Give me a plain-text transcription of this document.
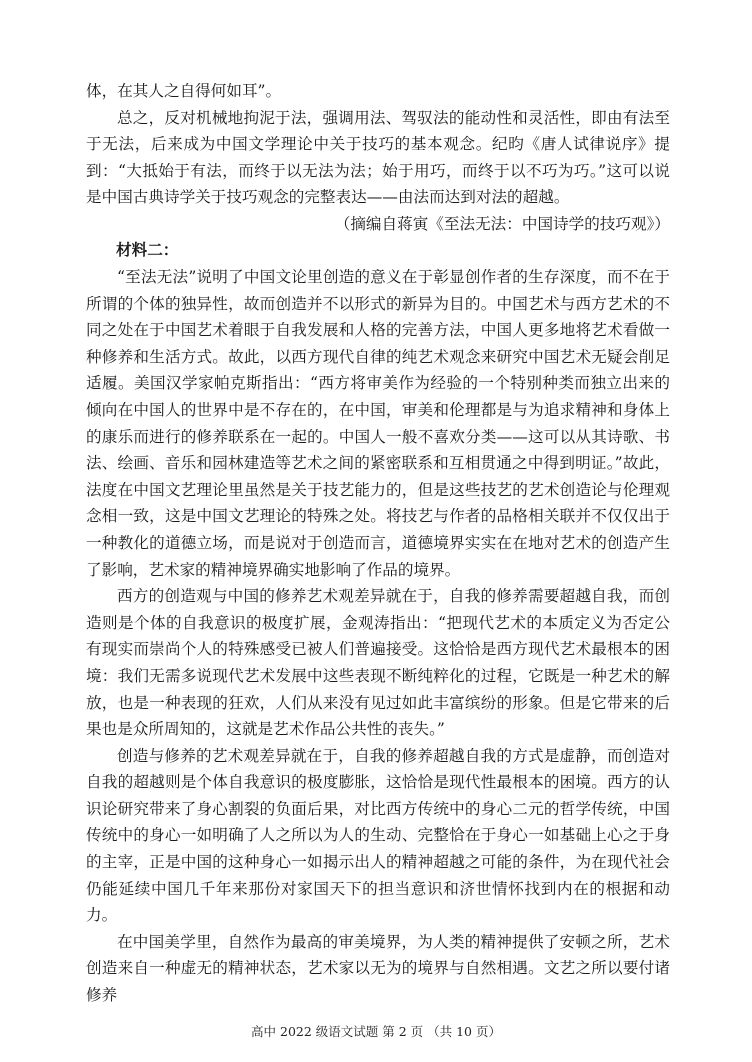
体，在其人之自得何如耳”。

总之，反对机械地拘泥于法，强调用法、驾驭法的能动性和灵活性，即由有法至于无法，后来成为中国文学理论中关于技巧的基本观念。纪昀《唐人试律说序》提到：“大抵始于有法，而终于以无法为法；始于用巧，而终于以不巧为巧。”这可以说是中国古典诗学关于技巧观念的完整表达——由法而达到对法的超越。

（摘编自蒋寅《至法无法：中国诗学的技巧观》）
材料二：

“至法无法”说明了中国文论里创造的意义在于彰显创作者的生存深度，而不在于所谓的个体的独异性，故而创造并不以形式的新异为目的。中国艺术与西方艺术的不同之处在于中国艺术着眼于自我发展和人格的完善方法，中国人更多地将艺术看做一种修养和生活方式。故此，以西方现代自律的纯艺术观念来研究中国艺术无疑会削足适履。美国汉学家帕克斯指出：“西方将审美作为经验的一个特别种类而独立出来的倾向在中国人的世界中是不存在的，在中国，审美和伦理都是与为追求精神和身体上的康乐而进行的修养联系在一起的。中国人一般不喜欢分类——这可以从其诗歌、书法、绘画、音乐和园林建造等艺术之间的紧密联系和互相贯通之中得到明证。”故此，法度在中国文艺理论里虽然是关于技艺能力的，但是这些技艺的艺术创造论与伦理观念相一致，这是中国文艺理论的特殊之处。将技艺与作者的品格相关联并不仅仅出于一种教化的道德立场，而是说对于创造而言，道德境界实实在在地对艺术的创造产生了影响，艺术家的精神境界确实地影响了作品的境界。

西方的创造观与中国的修养艺术观差异就在于，自我的修养需要超越自我，而创造则是个体的自我意识的极度扩展，金观涛指出：“把现代艺术的本质定义为否定公有现实而崇尚个人的特殊感受已被人们普遍接受。这恰恰是西方现代艺术最根本的困境：我们无需多说现代艺术发展中这些表现不断纯粹化的过程，它既是一种艺术的解放，也是一种表现的狂欢，人们从来没有见过如此丰富缤纷的形象。但是它带来的后果也是众所周知的，这就是艺术作品公共性的丧失。”

创造与修养的艺术观差异就在于，自我的修养超越自我的方式是虚静，而创造对自我的超越则是个体自我意识的极度膨胀，这恰恰是现代性最根本的困境。西方的认识论研究带来了身心割裂的负面后果，对比西方传统中的身心二元的哲学传统，中国传统中的身心一如明确了人之所以为人的生动、完整恰在于身心一如基础上心之于身的主宰，正是中国的这种身心一如揭示出人的精神超越之可能的条件，为在现代社会仍能延续中国几千年来那份对家国天下的担当意识和济世情怀找到内在的根据和动力。

在中国美学里，自然作为最高的审美境界，为人类的精神提供了安顿之所，艺术创造来自一种虚无的精神状态，艺术家以无为的境界与自然相遇。文艺之所以要付诸修养

高中 2022 级语文试题 第 2 页 （共 10 页）
